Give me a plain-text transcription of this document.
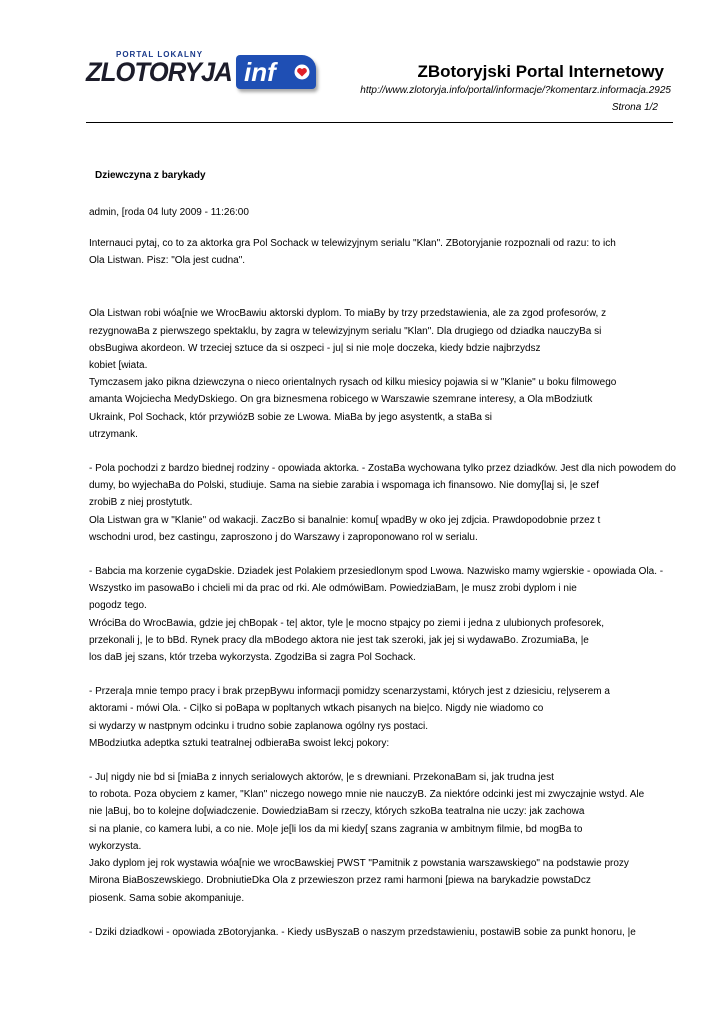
PORTAL LOKALNY
ZLOTORYJA inf	ZBotoryjski Portal Internetowy
http://www.zlotoryja.info/portal/informacje/?komentarz.informacja.2925
Strona 1/2
Dziewczyna z barykady
admin, [roda 04 luty 2009 - 11:26:00

Internauci pytaj, co to za aktorka gra Pol Sochack w telewizyjnym serialu "Klan". ZBotoryjanie rozpoznali od razu: to ich

Ola Listwan. Pisz: "Ola jest cudna".

Ola Listwan robi wóa[nie we WrocBawiu aktorski dyplom. To miaBy by trzy przedstawienia, ale za zgod profesorów, z

rezygnowaBa z pierwszego spektaklu, by zagra w telewizyjnym serialu "Klan". Dla drugiego od dziadka nauczyBa si

obsBugiwa akordeon. W trzeciej sztuce da si oszpeci - ju| si nie mo|e doczeka, kiedy bdzie najbrzydsz

kobiet [wiata.

Tymczasem jako pikna dziewczyna o nieco orientalnych rysach od kilku miesicy pojawia si w "Klanie" u boku filmowego

amanta Wojciecha MedyDskiego. On gra biznesmena robicego w Warszawie szemrane interesy, a Ola mBodziutk

Ukraink, Pol Sochack, któr przywiózB sobie ze Lwowa. MiaBa by jego asystentk, a staBa si

utrzymank.

- Pola pochodzi z bardzo biednej rodziny - opowiada aktorka. - ZostaBa wychowana tylko przez dziadków. Jest dla nich powodem do

dumy, bo wyjechaBa do Polski, studiuje. Sama na siebie zarabia i wspomaga ich finansowo. Nie domy[laj si, |e szef

zrobiB z niej prostytutk.

Ola Listwan gra w "Klanie" od wakacji. ZaczBo si banalnie: komu[ wpadBy w oko jej zdjcia. Prawdopodobnie przez t

wschodni urod, bez castingu, zaproszono j do Warszawy i zaproponowano rol w serialu.

- Babcia ma korzenie cygaDskie. Dziadek jest Polakiem przesiedlonym spod Lwowa. Nazwisko mamy wgierskie - opowiada Ola. -

Wszystko im pasowaBo i chcieli mi da prac od rki. Ale odmówiBam. PowiedziaBam, |e musz zrobi dyplom i nie

pogodz tego.

WróciBa do WrocBawia, gdzie jej chBopak - te| aktor, tyle |e mocno stpajcy po ziemi i jedna z ulubionych profesorek,

przekonali j, |e to bBd. Rynek pracy dla mBodego aktora nie jest tak szeroki, jak jej si wydawaBo. ZrozumiaBa, |e

los daB jej szans, któr trzeba wykorzysta. ZgodziBa si zagra Pol Sochack.

- Przera|a mnie tempo pracy i brak przepBywu informacji pomidzy scenarzystami, których jest z dziesiciu, re|yserem a

aktorami - mówi Ola. - Ci|ko si poBapa w popltanych wtkach pisanych na bie|co. Nigdy nie wiadomo co

si wydarzy w nastpnym odcinku i trudno sobie zaplanowa ogólny rys postaci.

MBodziutka adeptka sztuki teatralnej odbieraBa swoist lekcj pokory:

- Ju| nigdy nie bd si [miaBa z innych serialowych aktorów, |e s drewniani. PrzekonaBam si, jak trudna jest

to robota. Poza obyciem z kamer, "Klan" niczego nowego mnie nie nauczyB. Za niektóre odcinki jest mi zwyczajnie wstyd. Ale

nie |aBuj, bo to kolejne do[wiadczenie. DowiedziaBam si rzeczy, których szkoBa teatralna nie uczy: jak zachowa

si na planie, co kamera lubi, a co nie. Mo|e je[li los da mi kiedy[ szans zagrania w ambitnym filmie, bd mogBa to

wykorzysta.

Jako dyplom jej rok wystawia wóa[nie we wrocBawskiej PWST "Pamitnik z powstania warszawskiego" na podstawie prozy

Mirona BiaBoszewskiego. DrobniutieDka Ola z przewieszon przez rami harmoni [piewa na barykadzie powstaDcz

piosenk. Sama sobie akompaniuje.

- Dziki dziadkowi - opowiada zBotoryjanka. - Kiedy usByszaB o naszym przedstawieniu, postawiB sobie za punkt honoru, |e
